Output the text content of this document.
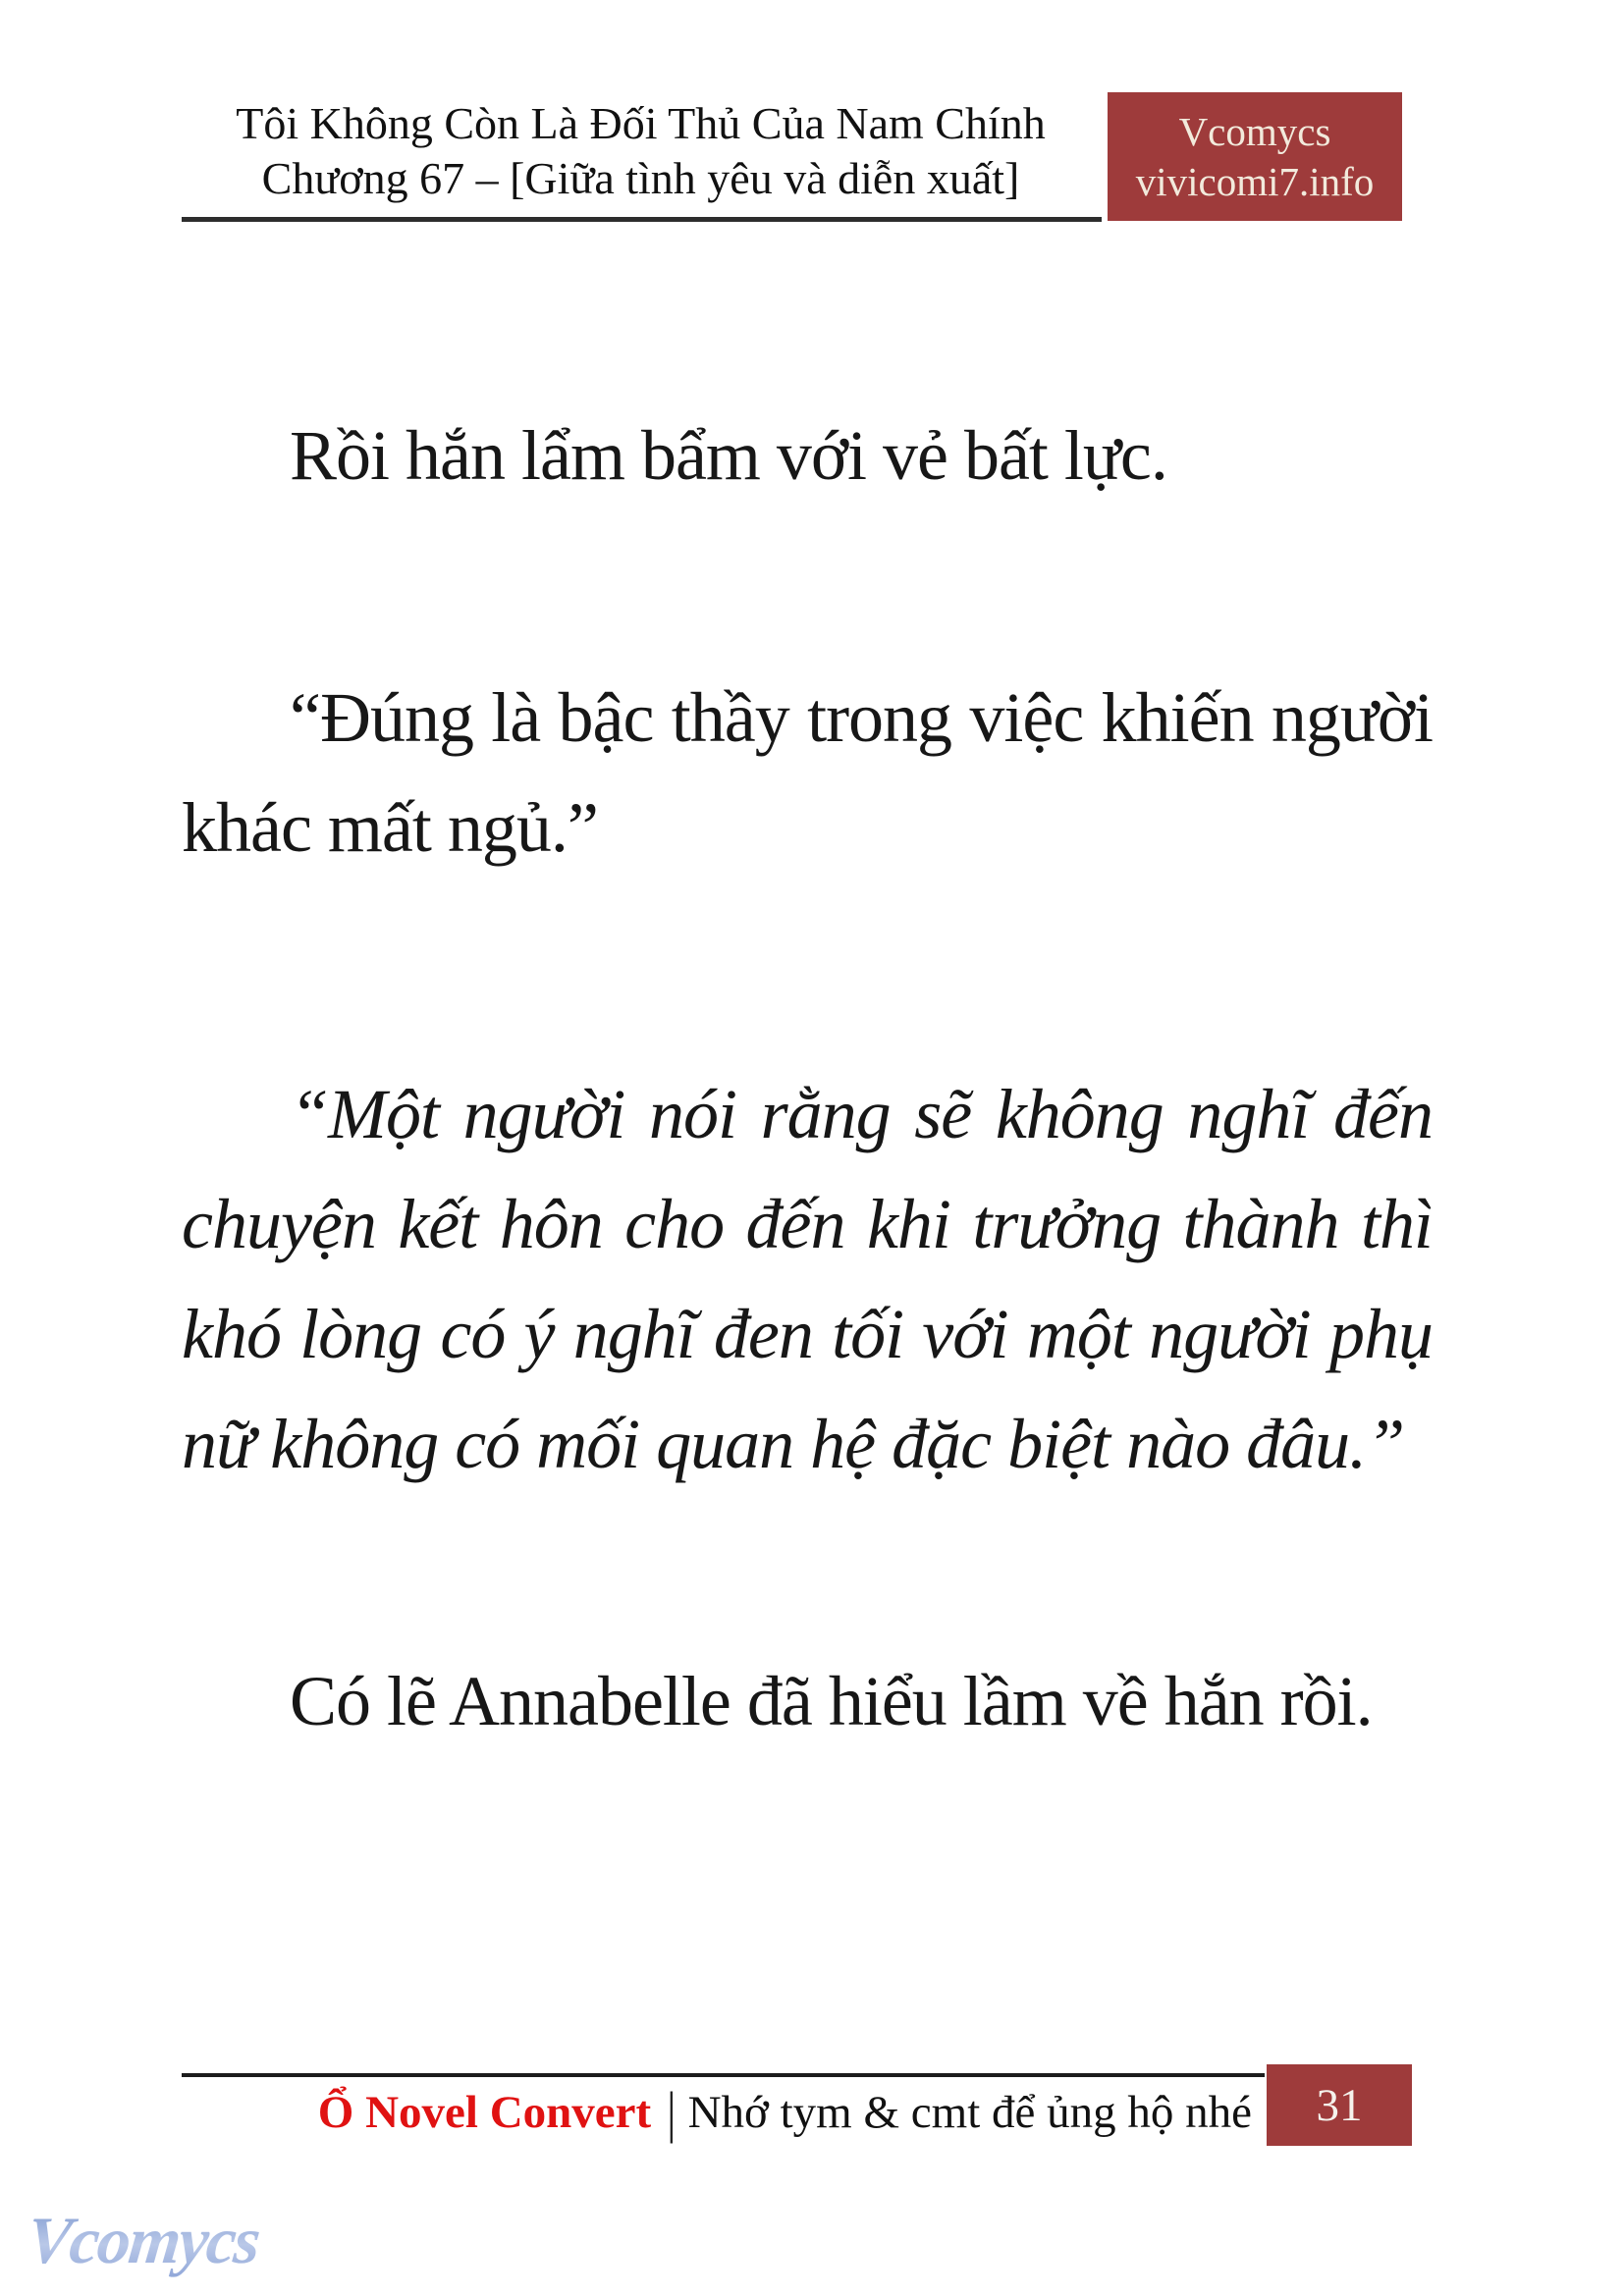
Tôi Không Còn Là Đối Thủ Của Nam Chính
Chương 67 – [Giữa tình yêu và diễn xuất]
Vcomycs
vivicomi7.info

Rồi hắn lẩm bẩm với vẻ bất lực.

“Đúng là bậc thầy trong việc khiến người khác mất ngủ.”

“Một người nói rằng sẽ không nghĩ đến chuyện kết hôn cho đến khi trưởng thành thì khó lòng có ý nghĩ đen tối với một người phụ nữ không có mối quan hệ đặc biệt nào đâu.”

Có lẽ Annabelle đã hiểu lầm về hắn rồi.

Ổ Novel Convert | Nhớ tym & cmt để ủng hộ nhé 31
Vcomycs
